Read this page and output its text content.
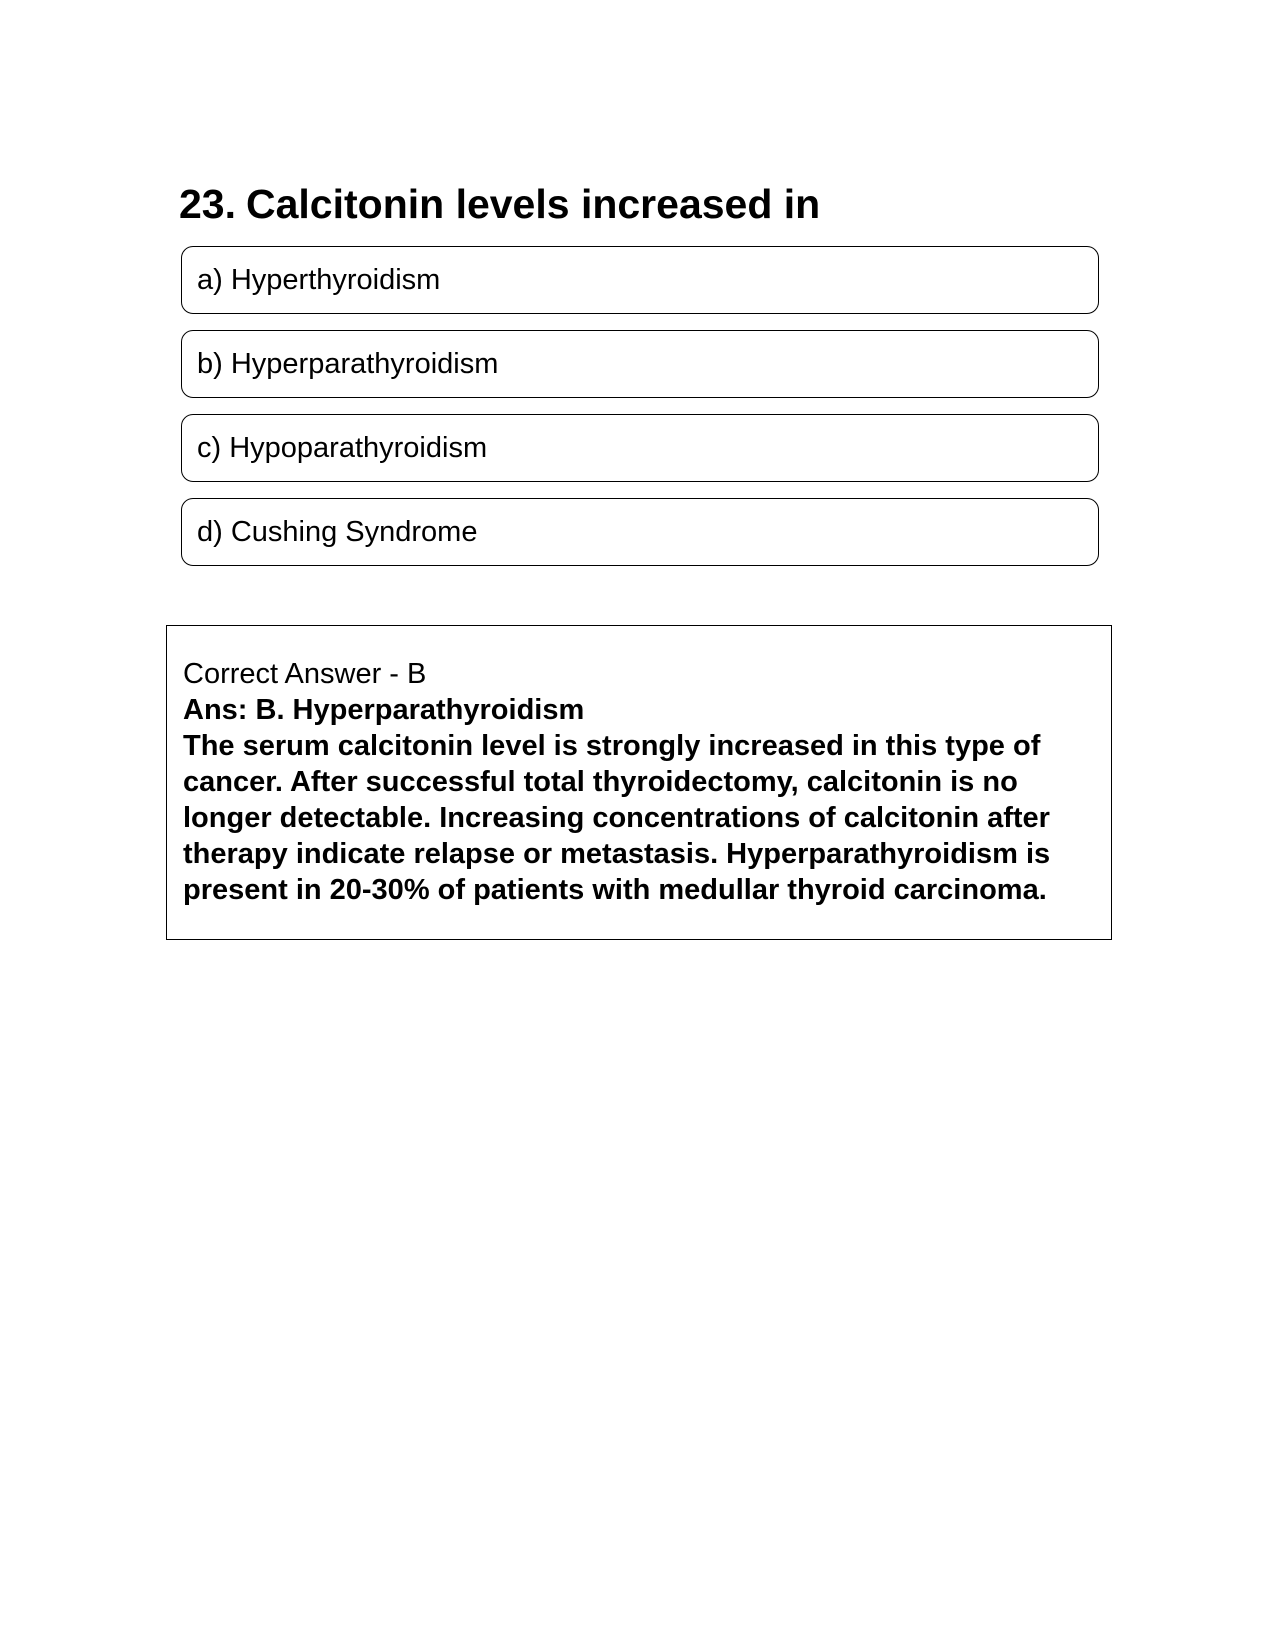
23. Calcitonin levels increased in
a) Hyperthyroidism
b) Hyperparathyroidism
c) Hypoparathyroidism
d) Cushing Syndrome
Correct Answer - B
Ans: B. Hyperparathyroidism
The serum calcitonin level is strongly increased in this type of cancer. After successful total thyroidectomy, calcitonin is no longer detectable. Increasing concentrations of calcitonin after therapy indicate relapse or metastasis. Hyperparathyroidism is present in 20-30% of patients with medullar thyroid carcinoma.
